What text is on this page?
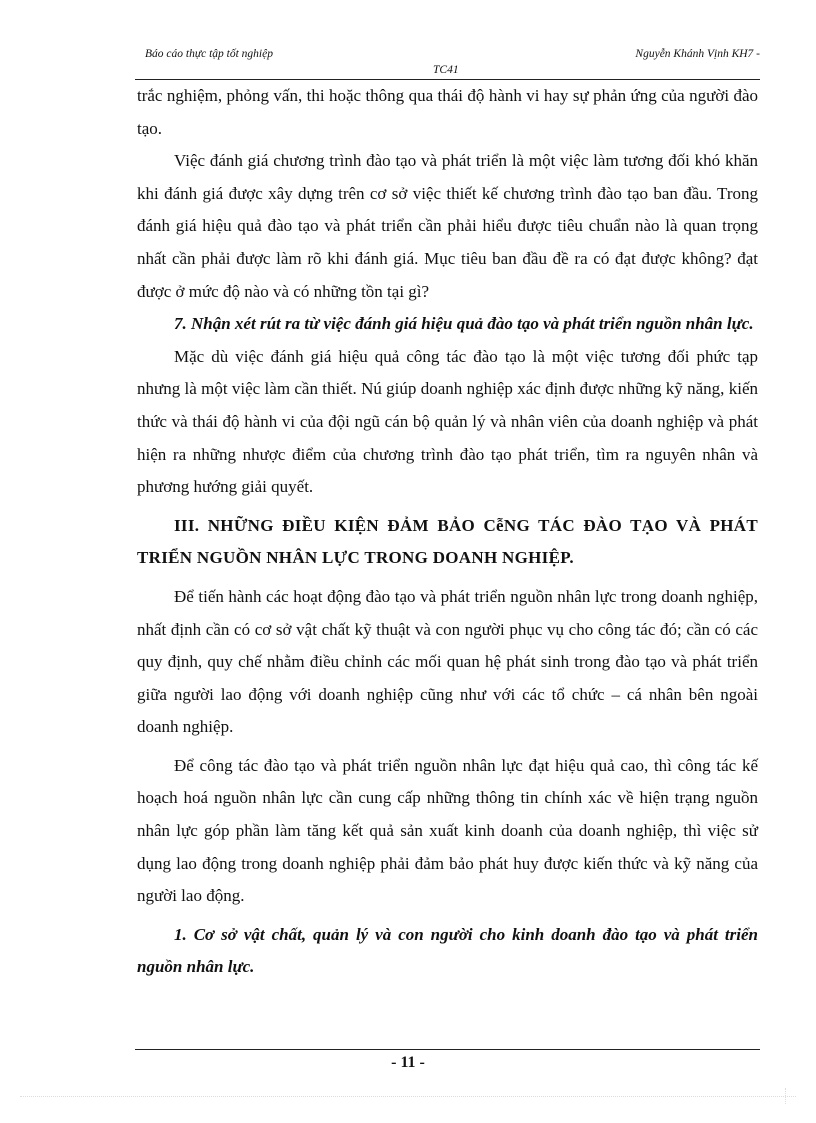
Báo cáo thực tập tốt nghiệp	Nguyễn Khánh Vịnh KH7 -
TC41

trắc nghiệm, phỏng vấn, thi hoặc thông qua thái độ hành vi hay sự phản ứng của người đào tạo.

Việc đánh giá chương trình đào tạo và phát triển là một việc làm tương đối khó khăn khi đánh giá được xây dựng trên cơ sở việc thiết kế chương trình đào tạo ban đầu. Trong đánh giá hiệu quả đào tạo và phát triển cần phải hiểu được tiêu chuẩn nào là quan trọng nhất cần phải được làm rõ khi đánh giá. Mục tiêu ban đầu đề ra có đạt được không? đạt được ở mức độ nào và có những tồn tại gì?

7. Nhận xét rút ra từ việc đánh giá hiệu quả đào tạo và phát triển nguồn nhân lực.

Mặc dù việc đánh giá hiệu quả công tác đào tạo là một việc tương đối phức tạp nhưng là một việc làm cần thiết. Nú giúp doanh nghiệp xác định được những kỹ năng, kiến thức và thái độ hành vi của đội ngũ cán bộ quản lý và nhân viên của doanh nghiệp và phát hiện ra những nhược điểm của chương trình đào tạo phát triển, tìm ra nguyên nhân và phương hướng giải quyết.

III. NHỮNG ĐIỀU KIỆN ĐẢM BẢO CễNG TÁC ĐÀO TẠO VÀ PHÁT TRIỂN NGUỒN NHÂN LỰC TRONG DOANH NGHIỆP.

Để tiến hành các hoạt động đào tạo và phát triển nguồn nhân lực trong doanh nghiệp, nhất định cần có cơ sở vật chất kỹ thuật và con người phục vụ cho công tác đó; cần có các quy định, quy chế nhằm điều chỉnh các mối quan hệ phát sinh trong đào tạo và phát triển giữa người lao động với doanh nghiệp cũng như với các tổ chức – cá nhân bên ngoài doanh nghiệp.

Để công tác đào tạo và phát triển nguồn nhân lực đạt hiệu quả cao, thì công tác kế hoạch hoá nguồn nhân lực cần cung cấp những thông tin chính xác về hiện trạng nguồn nhân lực góp phần làm tăng kết quả sản xuất kinh doanh của doanh nghiệp, thì việc sử dụng lao động trong doanh nghiệp phải đảm bảo phát huy được kiến thức và kỹ năng của người lao động.

1. Cơ sở vật chất, quản lý và con người cho kinh doanh đào tạo và phát triển nguồn nhân lực.

- 11 -
